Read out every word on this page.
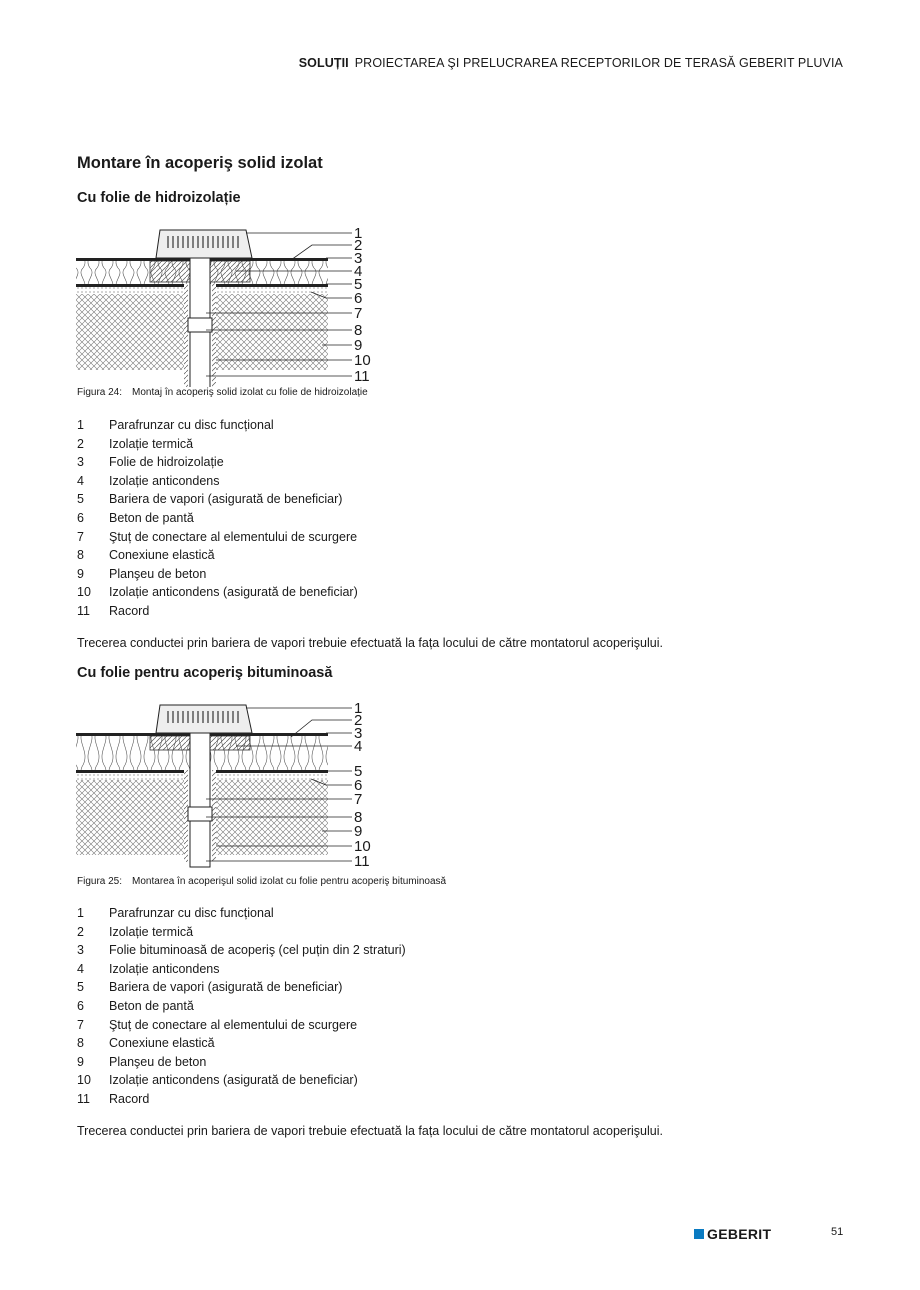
SOLUȚII PROIECTAREA ŞI PRELUCRAREA RECEPTORILOR DE TERASĂ GEBERIT PLUVIA
Montare în acoperiş solid izolat
Cu folie de hidroizolație
1
2
3
4
5
6
7
8
9
10
11
Figura 24: Montaj în acoperiş solid izolat cu folie de hidroizolație
1	Parafrunzar cu disc funcțional
2	Izolație termică
3	Folie de hidroizolație
4	Izolație anticondens
5	Bariera de vapori (asigurată de beneficiar)
6	Beton de pantă
7	Ştuț de conectare al elementului de scurgere
8	Conexiune elastică
9	Planşeu de beton
10	Izolație anticondens (asigurată de beneficiar)
11	Racord
Trecerea conductei prin bariera de vapori trebuie efectuată la fața locului de către montatorul acoperişului.
Cu folie pentru acoperiş bituminoasă
1
2
3
4
5
6
7
8
9
10
11
Figura 25: Montarea în acoperişul solid izolat cu folie pentru acoperiş bituminoasă
1	Parafrunzar cu disc funcțional
2	Izolație termică
3	Folie bituminoasă de acoperiş (cel puțin din 2 straturi)
4	Izolație anticondens
5	Bariera de vapori (asigurată de beneficiar)
6	Beton de pantă
7	Ştuț de conectare al elementului de scurgere
8	Conexiune elastică
9	Planşeu de beton
10	Izolație anticondens (asigurată de beneficiar)
11	Racord
Trecerea conductei prin bariera de vapori trebuie efectuată la fața locului de către montatorul acoperişului.
GEBERIT	51
